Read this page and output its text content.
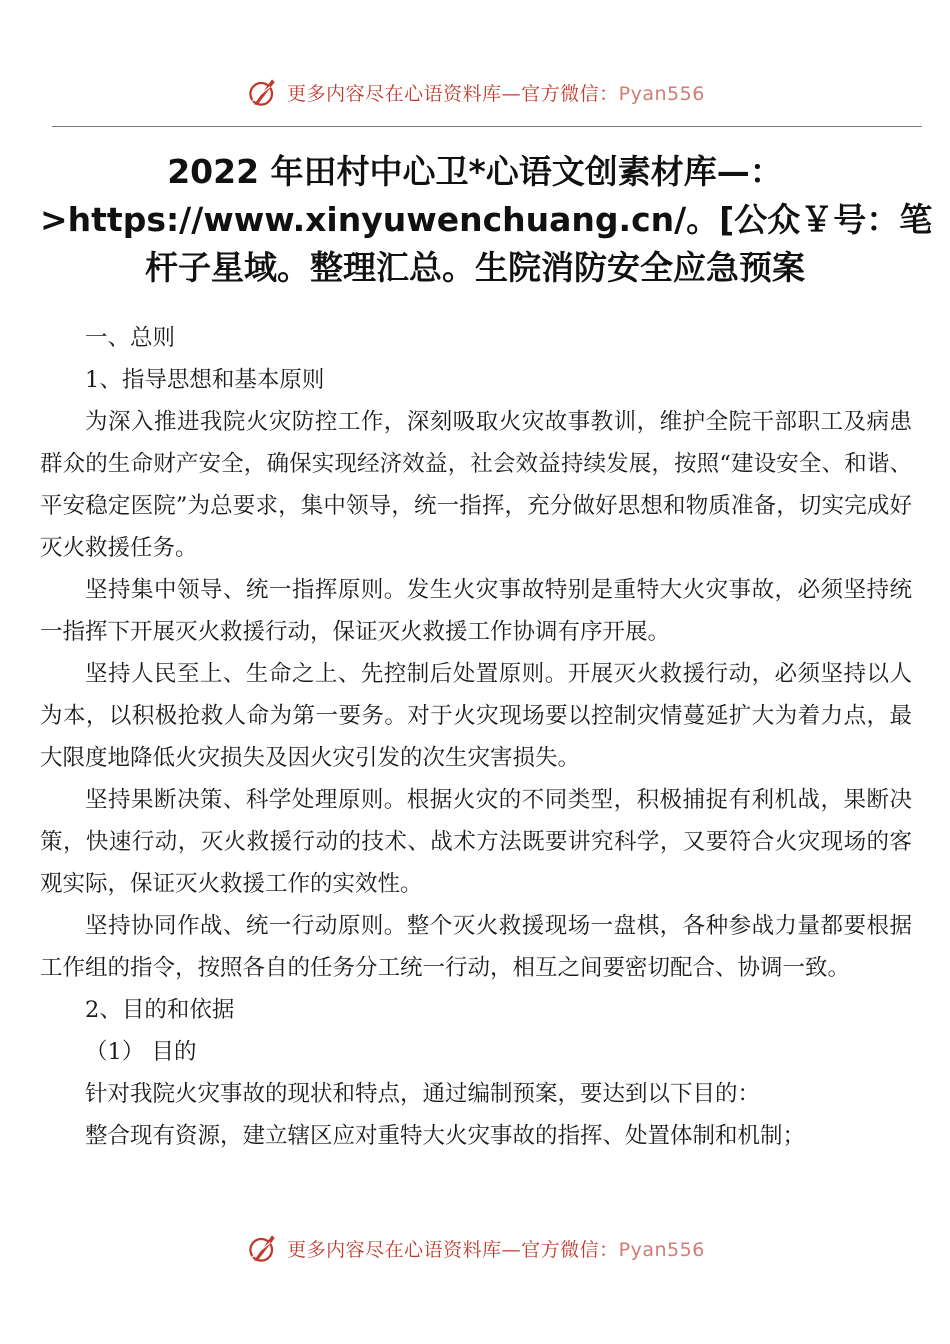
更多内容尽在心语资料库—官方微信：Pyan556
2022 年田村中心卫*心语文创素材库—：
>https://www.xinyuwenchuang.cn/。[公众￥号：笔
杆子星域。整理汇总。生院消防安全应急预案

一、总则

1、指导思想和基本原则

为深入推进我院火灾防控工作，深刻吸取火灾故事教训，维护全院干部职工及病患群众的生命财产安全，确保实现经济效益，社会效益持续发展，按照“建设安全、和谐、平安稳定医院”为总要求，集中领导，统一指挥，充分做好思想和物质准备，切实完成好灭火救援任务。

坚持集中领导、统一指挥原则。发生火灾事故特别是重特大火灾事故，必须坚持统一指挥下开展灭火救援行动，保证灭火救援工作协调有序开展。

坚持人民至上、生命之上、先控制后处置原则。开展灭火救援行动，必须坚持以人为本，以积极抢救人命为第一要务。对于火灾现场要以控制灾情蔓延扩大为着力点，最大限度地降低火灾损失及因火灾引发的次生灾害损失。

坚持果断决策、科学处理原则。根据火灾的不同类型，积极捕捉有利机战，果断决策，快速行动，灭火救援行动的技术、战术方法既要讲究科学，又要符合火灾现场的客观实际，保证灭火救援工作的实效性。

坚持协同作战、统一行动原则。整个灭火救援现场一盘棋，各种参战力量都要根据工作组的指令，按照各自的任务分工统一行动，相互之间要密切配合、协调一致。

2、目的和依据

（1） 目的

针对我院火灾事故的现状和特点，通过编制预案，要达到以下目的：

整合现有资源，建立辖区应对重特大火灾事故的指挥、处置体制和机制；

更多内容尽在心语资料库—官方微信：Pyan556
